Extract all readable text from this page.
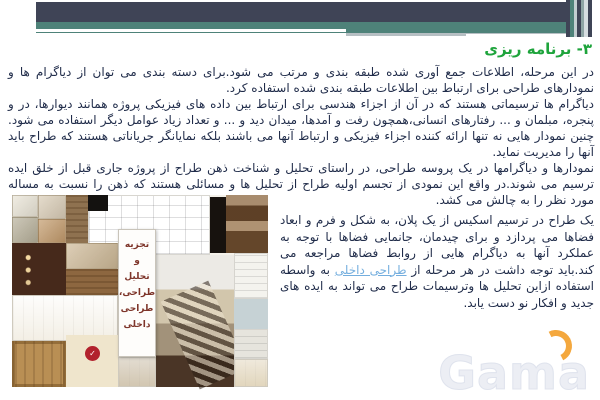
۳- برنامه ریزی

در این مرحله، اطلاعات جمع آوری شده طبقه بندی و مرتب می شود.برای دسته بندی می توان از دیاگرام ها و نمودارهای طراحی برای ارتباط بین اطلاعات طبقه بندی شده استفاده کرد.

دیاگرام ها ترسیماتی هستند که در آن از اجزاء هندسی برای ارتباط بین داده های فیزیکی پروژه همانند دیوارها، در و پنجره، مبلمان و ... رفتارهای انسانی،همچون رفت و آمدها، میدان دید و ... و تعداد زیاد عوامل دیگر استفاده می شود. چنین نمودار هایی نه تنها ارائه کننده اجزاء فیزیکی و ارتباط آنها می باشند بلکه نمایانگر جریاناتی هستند که طراح باید آنها را مدیریت نماید.

نمودارها و دیاگرامها در یک پروسه طراحی، در راستای تحلیل و شناخت ذهن طراح از پروژه جاری قبل از خلق ایده ترسیم می شوند.در واقع این نمودی از تجسم اولیه طراح از تحلیل ها و مسائلی هستند که ذهن را نسبت به مساله مورد نظر را به چالش می کشد.

یک طراح در ترسیم اسکیس از یک پلان، به شکل و فرم و ابعاد فضاها می پردازد و برای چیدمان، جانمایی فضاها با توجه به عملکرد آنها به دیاگرام هایی از روابط فضاها مراجعه می کند.باید توجه داشت در هر مرحله از طراحی داخلی به واسطه استفاده ازاین تحلیل ها وترسیمات طراح می تواند به ایده های جدید و افکار نو دست یابد.

تجزیه
و
تحلیل
طراحی،
طراحی
داخلی
✓	Gama
